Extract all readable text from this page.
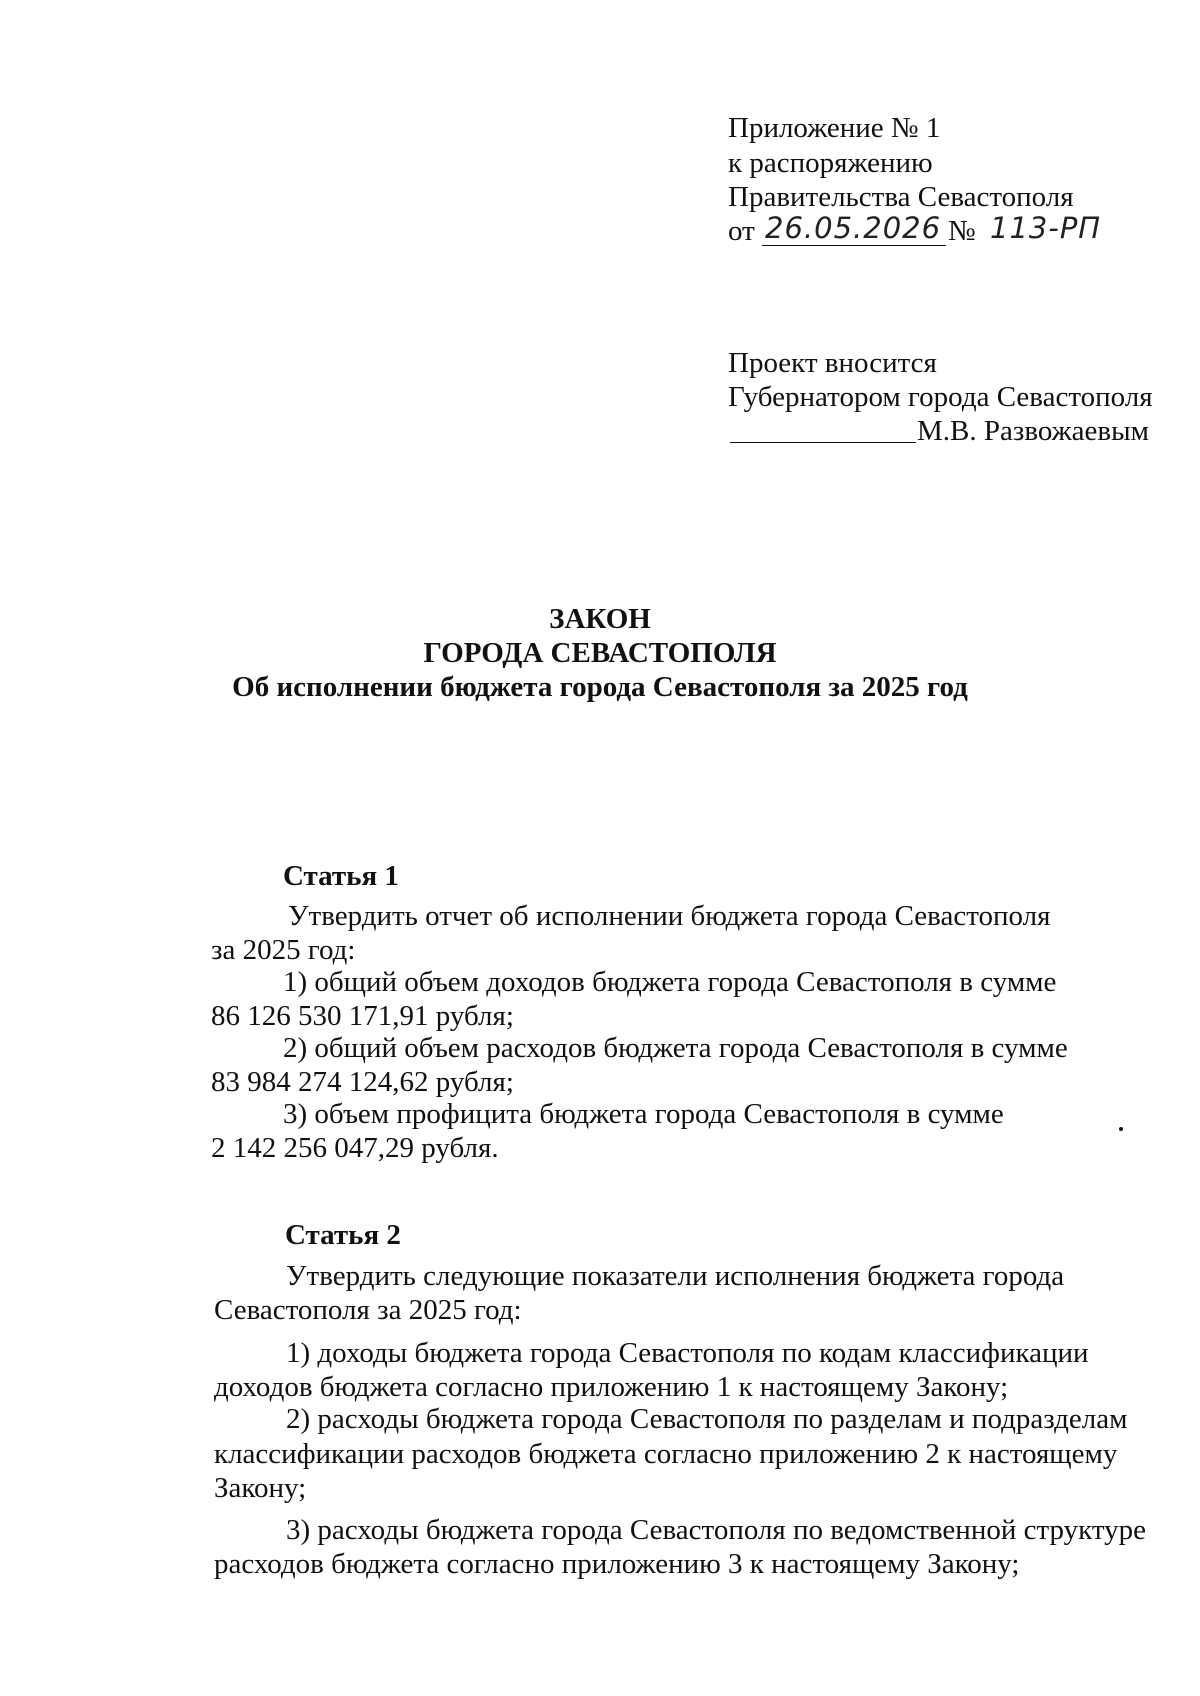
Приложение № 1
к распоряжению
Правительства Севастополя
от 26.05.2026 № 113-РП
Проект вносится
Губернатором города Севастополя
М.В. Развожаевым
ЗАКОН
ГОРОДА СЕВАСТОПОЛЯ
Об исполнении бюджета города Севастополя за 2025 год
Статья 1
Утвердить отчет об исполнении бюджета города Севастополя
за 2025 год:
1) общий объем доходов бюджета города Севастополя в сумме
86 126 530 171,91 рубля;
2) общий объем расходов бюджета города Севастополя в сумме
83 984 274 124,62 рубля;
3) объем профицита бюджета города Севастополя в сумме
2 142 256 047,29 рубля.
Статья 2
Утвердить следующие показатели исполнения бюджета города
Севастополя за 2025 год:
1) доходы бюджета города Севастополя по кодам классификации
доходов бюджета согласно приложению 1 к настоящему Закону;
2) расходы бюджета города Севастополя по разделам и подразделам
классификации расходов бюджета согласно приложению 2 к настоящему
Закону;
3) расходы бюджета города Севастополя по ведомственной структуре
расходов бюджета согласно приложению 3 к настоящему Закону;
